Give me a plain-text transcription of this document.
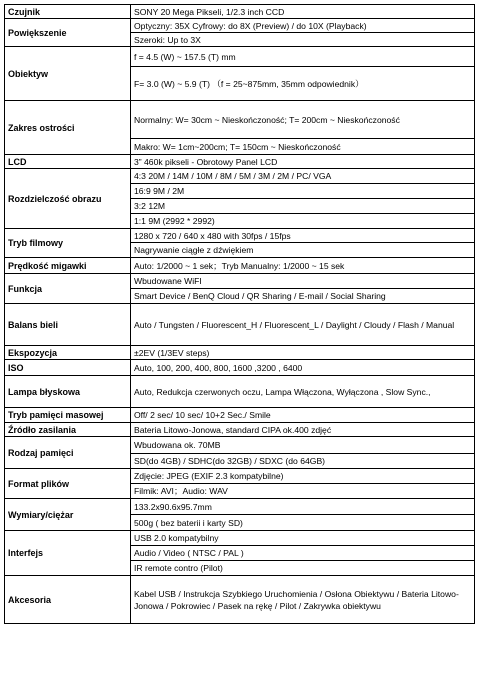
Czujnik	SONY 20 Mega Pikseli, 1/2.3 inch CCD
Powiększenie	Optyczny: 35X Cyfrowy: do 8X (Preview) / do 10X (Playback)
	Szeroki: Up to 3X
Obiektyw	f = 4.5 (W) ~ 157.5 (T) mm
	F= 3.0 (W) ~ 5.9 (T) （f = 25~875mm, 35mm odpowiednik）
Zakres ostrości	Normalny: W= 30cm ~ Nieskończoność; T= 200cm ~ Nieskończoność
	Makro: W= 1cm~200cm; T= 150cm ~ Nieskończoność
LCD	3” 460k pikseli - Obrotowy Panel LCD
Rozdzielczość obrazu	4:3 20M / 14M / 10M / 8M / 5M / 3M / 2M / PC/ VGA
	16:9 9M / 2M
	3:2 12M
	1:1 9M (2992 * 2992)
Tryb filmowy	1280 x 720 / 640 x 480 with 30fps / 15fps
	Nagrywanie ciągłe z dźwiękiem
Prędkość migawki	Auto: 1/2000 ~ 1 sek；Tryb Manualny: 1/2000 ~ 15 sek
Funkcja	Wbudowane WiFI
	Smart Device / BenQ Cloud / QR Sharing / E-mail / Social Sharing
Balans bieli	Auto / Tungsten / Fluorescent_H / Fluorescent_L / Daylight / Cloudy / Flash / Manual
Ekspozycja	±2EV (1/3EV steps)
ISO	Auto, 100, 200, 400, 800, 1600 ,3200 , 6400
Lampa błyskowa	Auto, Redukcja czerwonych oczu, Lampa Włączona, Wyłączona , Slow Sync.,
Tryb pamięci masowej	Off/ 2 sec/ 10 sec/ 10+2 Sec./ Smile
Źródło zasilania	Bateria Litowo-Jonowa, standard CIPA ok.400 zdjęć
Rodzaj pamięci	Wbudowana ok. 70MB
	SD(do 4GB) / SDHC(do 32GB) / SDXC (do 64GB)
Format plików	Zdjęcie: JPEG (EXIF 2.3 kompatybilne)
	Filmik: AVI；Audio: WAV
Wymiary/ciężar	133.2x90.6x95.7mm
	500g ( bez baterii i karty SD)
Interfejs	USB 2.0 kompatybilny
	Audio / Video ( NTSC / PAL )
	IR remote contro (Pilot)
Akcesoria	Kabel USB / Instrukcja Szybkiego Uruchomienia / Osłona Obiektywu / Bateria Litowo-Jonowa / Pokrowiec / Pasek na rękę / Pilot / Zakrywka obiektywu
